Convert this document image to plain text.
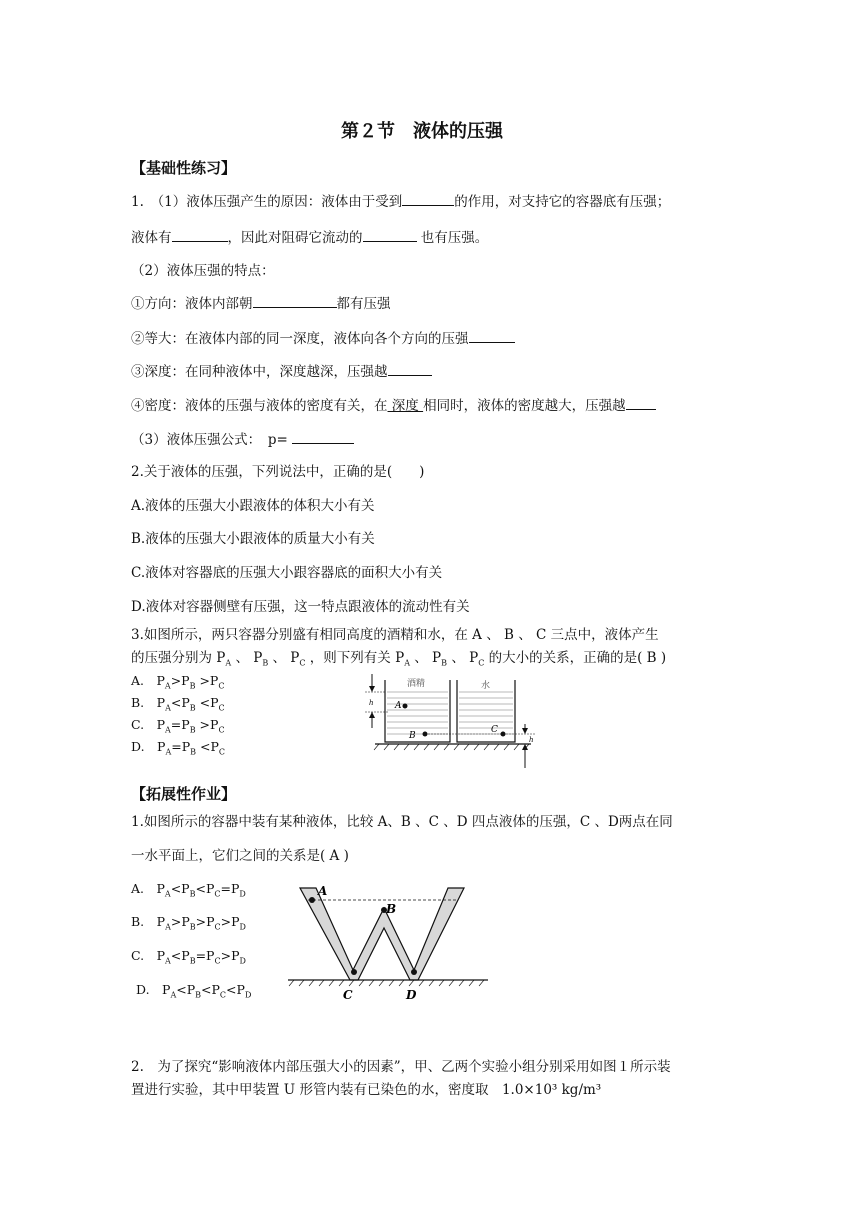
第２节　液体的压强
【基础性练习】
1.　（1）液体压强产生的原因：液体由于受到	的作用，对支持它的容器底有压强；
液体有	，因此对阻碍它流动的	也有压强。
（2）液体压强的特点：
①方向：液体内部朝	都有压强
②等大：在液体内部的同一深度，液体向各个方向的压强
③深度：在同种液体中，深度越深，压强越
④密度：液体的压强与液体的密度有关，在 深度 相同时，液体的密度越大，压强越
（3）液体压强公式：　p=
2.关于液体的压强，下列说法中，正确的是(　　)
A.液体的压强大小跟液体的体积大小有关
B.液体的压强大小跟液体的质量大小有关
C.液体对容器底的压强大小跟容器底的面积大小有关
D.液体对容器侧壁有压强，这一特点跟液体的流动性有关
3.如图所示，两只容器分别盛有相同高度的酒精和水，在 A 、 B 、 C 三点中，液体产生
的压强分别为 $P_A$ 、 $P_B$ 、 $P_C$ ，则下列有关 $P_A$ 、 $P_B$ 、 $P_C$ 的大小的关系，正确的是( B )
A.　$P_A>P_B >P_C$
B.　$P_A<P_B <P_C$
C.　$P_A=P_B >P_C$
D.　$P_A=P_B <P_C$
h
酒精
A
B
水
C
h
【拓展性作业】
1.如图所示的容器中装有某种液体，比较 A、B 、C 、D 四点液体的压强，C 、D两点在同
一水平面上，它们之间的关系是( A )
A.　$P_A<P_B<P_C=P_D$
B.　$P_A>P_B>P_C>P_D$
C.　$P_A<P_B=P_C>P_D$
D.　$P_A<P_B<P_C<P_D$
A
B
C	D
2.　为了探究“影响液体内部压强大小的因素”，甲、乙两个实验小组分别采用如图１所示装
置进行实验，其中甲装置 U 形管内装有已染色的水，密度取　1.0×10³ kg/m³
